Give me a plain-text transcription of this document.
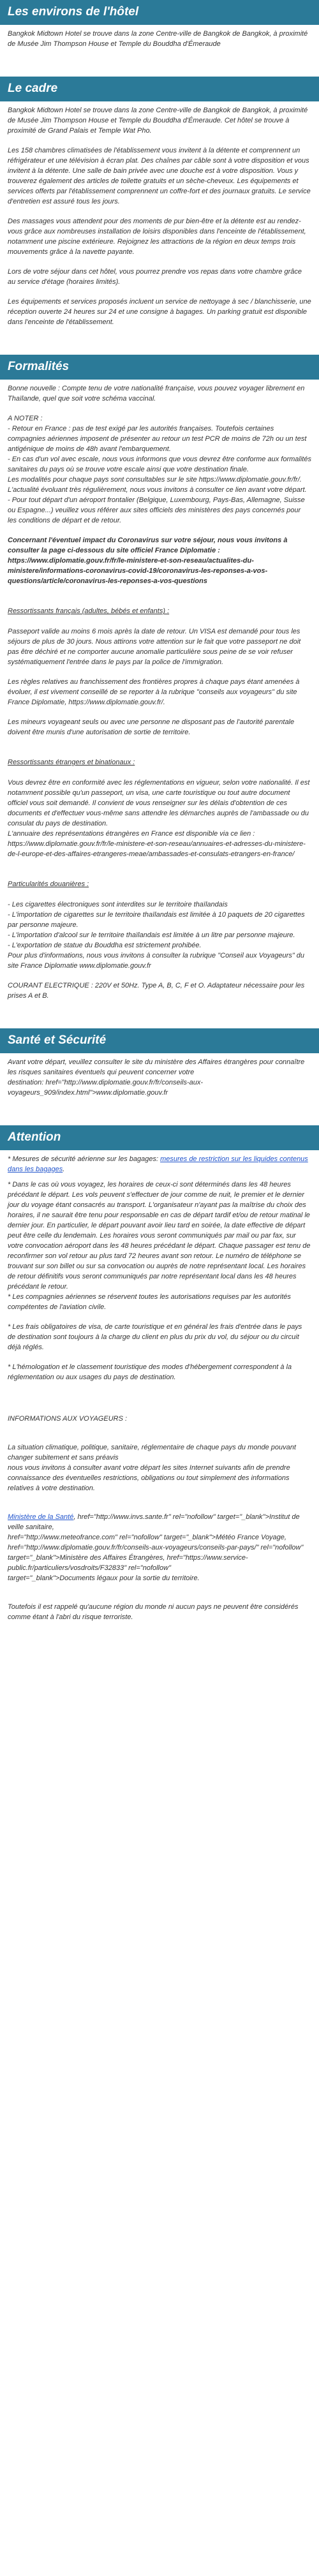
Les environs de l'hôtel

Bangkok Midtown Hotel se trouve dans la zone Centre-ville de Bangkok de Bangkok, à proximité de Musée Jim Thompson House et Temple du Bouddha d'Émeraude

Le cadre

Bangkok Midtown Hotel se trouve dans la zone Centre-ville de Bangkok de Bangkok, à proximité de Musée Jim Thompson House et Temple du Bouddha d'Émeraude. Cet hôtel se trouve à proximité de Grand Palais et Temple Wat Pho.

Les 158 chambres climatisées de l'établissement vous invitent à la détente et comprennent un réfrigérateur et une télévision à écran plat. Des chaînes par câble sont à votre disposition et vous invitent à la détente. Une salle de bain privée avec une douche est à votre disposition. Vous y trouverez également des articles de toilette gratuits et un sèche-cheveux. Les équipements et services offerts par l'établissement comprennent un coffre-fort et des journaux gratuits. Le service d'entretien est assuré tous les jours.

Des massages vous attendent pour des moments de pur bien-être et la détente est au rendez-vous grâce aux nombreuses installation de loisirs disponibles dans l'enceinte de l'établissement, notamment une piscine extérieure. Rejoignez les attractions de la région en deux temps trois mouvements grâce à la navette payante.

Lors de votre séjour dans cet hôtel, vous pourrez prendre vos repas dans votre chambre grâce au service d'étage (horaires limités).

Les équipements et services proposés incluent un service de nettoyage à sec / blanchisserie, une réception ouverte 24 heures sur 24 et une consigne à bagages. Un parking gratuit est disponible dans l'enceinte de l'établissement.

Formalités

Bonne nouvelle : Compte tenu de votre nationalité française, vous pouvez voyager librement en Thaïlande, quel que soit votre schéma vaccinal.

A NOTER :
- Retour en France : pas de test exigé par les autorités françaises. Toutefois certaines compagnies aériennes imposent de présenter au retour un test PCR de moins de 72h ou un test antigénique de moins de 48h avant l'embarquement.
- En cas d'un vol avec escale, nous vous informons que vous devrez être conforme aux formalités sanitaires du pays où se trouve votre escale ainsi que votre destination finale.
Les modalités pour chaque pays sont consultables sur le site https://www.diplomatie.gouv.fr/fr/. L'actualité évoluant très régulièrement, nous vous invitons à consulter ce lien avant votre départ.
- Pour tout départ d'un aéroport frontalier (Belgique, Luxembourg, Pays-Bas, Allemagne, Suisse ou Espagne...) veuillez vous référer aux sites officiels des ministères des pays concernés pour les conditions de départ et de retour.

Concernant l'éventuel impact du Coronavirus sur votre séjour, nous vous invitons à consulter la page ci-dessous du site officiel France Diplomatie : https://www.diplomatie.gouv.fr/fr/le-ministere-et-son-reseau/actualites-du-ministere/informations-coronavirus-covid-19/coronavirus-les-reponses-a-vos-questions/article/coronavirus-les-reponses-a-vos-questions

Ressortissants français (adultes, bébés et enfants) :

Passeport valide au moins 6 mois après la date de retour. Un VISA est demandé pour tous les séjours de plus de 30 jours. Nous attirons votre attention sur le fait que votre passeport ne doit pas être déchiré et ne comporter aucune anomalie particulière sous peine de se voir refuser systématiquement l'entrée dans le pays par la police de l'immigration.

Les règles relatives au franchissement des frontières propres à chaque pays étant amenées à évoluer, il est vivement conseillé de se reporter à la rubrique "conseils aux voyageurs" du site France Diplomatie, https://www.diplomatie.gouv.fr/.

Les mineurs voyageant seuls ou avec une personne ne disposant pas de l'autorité parentale doivent être munis d'une autorisation de sortie de territoire.

Ressortissants étrangers et binationaux :

Vous devrez être en conformité avec les réglementations en vigueur, selon votre nationalité. Il est notamment possible qu'un passeport, un visa, une carte touristique ou tout autre document officiel vous soit demandé. Il convient de vous renseigner sur les délais d'obtention de ces documents et d'effectuer vous-même sans attendre les démarches auprès de l'ambassade ou du consulat du pays de destination.
L'annuaire des représentations étrangères en France est disponible via ce lien : https://www.diplomatie.gouv.fr/fr/le-ministere-et-son-reseau/annuaires-et-adresses-du-ministere-de-l-europe-et-des-affaires-etrangeres-meae/ambassades-et-consulats-etrangers-en-france/

Particularités douanières :

- Les cigarettes électroniques sont interdites sur le territoire thaïlandais
- L'importation de cigarettes sur le territoire thaïlandais est limitée à 10 paquets de 20 cigarettes par personne majeure.
- L'importation d'alcool sur le territoire thaïlandais est limitée à un litre par personne majeure.
- L'exportation de statue du Bouddha est strictement prohibée.
Pour plus d'informations, nous vous invitons à consulter la rubrique "Conseil aux Voyageurs" du site France Diplomatie www.diplomatie.gouv.fr

COURANT ELECTRIQUE : 220V et 50Hz. Type A, B, C, F et O. Adaptateur nécessaire pour les prises A et B.

Santé et Sécurité

Avant votre départ, veuillez consulter le site du ministère des Affaires étrangères pour connaître les risques sanitaires éventuels qui peuvent concerner votre
destination: href="http://www.diplomatie.gouv.fr/fr/conseils-aux-voyageurs_909/index.html">www.diplomatie.gouv.fr

Attention

* Mesures de sécurité aérienne sur les bagages: mesures de restriction sur les liquides contenus dans les bagages.

* Dans le cas où vous voyagez, les horaires de ceux-ci sont déterminés dans les 48 heures précédant le départ. Les vols peuvent s'effectuer de jour comme de nuit, le premier et le dernier jour du voyage étant consacrés au transport. L'organisateur n'ayant pas la maîtrise du choix des horaires, il ne saurait être tenu pour responsable en cas de départ tardif et/ou de retour matinal le dernier jour. En particulier, le départ pouvant avoir lieu tard en soirée, la date effective de départ peut être celle du lendemain. Les horaires vous seront communiqués par mail ou par fax, sur votre convocation aéroport dans les 48 heures précédant le départ. Chaque passager est tenu de reconfirmer son vol retour au plus tard 72 heures avant son retour. Le numéro de téléphone se trouvant sur son billet ou sur sa convocation ou auprès de notre représentant local. Les horaires de retour définitifs vous seront communiqués par notre représentant local dans les 48 heures précédant le retour.
* Les compagnies aériennes se réservent toutes les autorisations requises par les autorités compétentes de l'aviation civile.

* Les frais obligatoires de visa, de carte touristique et en général les frais d'entrée dans le pays de destination sont toujours à la charge du client en plus du prix du vol, du séjour ou du circuit déjà réglés.

* L'hémologation et le classement touristique des modes d'hébergement correspondent à la réglementation ou aux usages du pays de destination.

INFORMATIONS AUX VOYAGEURS :

La situation climatique, politique, sanitaire, réglementaire de chaque pays du monde pouvant changer subitement et sans préavis
nous vous invitons à consulter avant votre départ les sites Internet suivants afin de prendre connaissance des éventuelles restrictions, obligations ou tout simplement des informations relatives à votre destination.

Ministère de la Santé, href="http://www.invs.sante.fr" rel="nofollow" target="_blank">Institut de veille sanitaire,
href="http://www.meteofrance.com" rel="nofollow" target="_blank">Météo France Voyage, href="http://www.diplomatie.gouv.fr/fr/conseils-aux-voyageurs/conseils-par-pays/" rel="nofollow"
target="_blank">Ministère des Affaires Étrangères, href="https://www.service-public.fr/particuliers/vosdroits/F32833" rel="nofollow"
target="_blank">Documents légaux pour la sortie du territoire.

Toutefois il est rappelé qu'aucune région du monde ni aucun pays ne peuvent être considérés comme étant à l'abri du risque terroriste.
